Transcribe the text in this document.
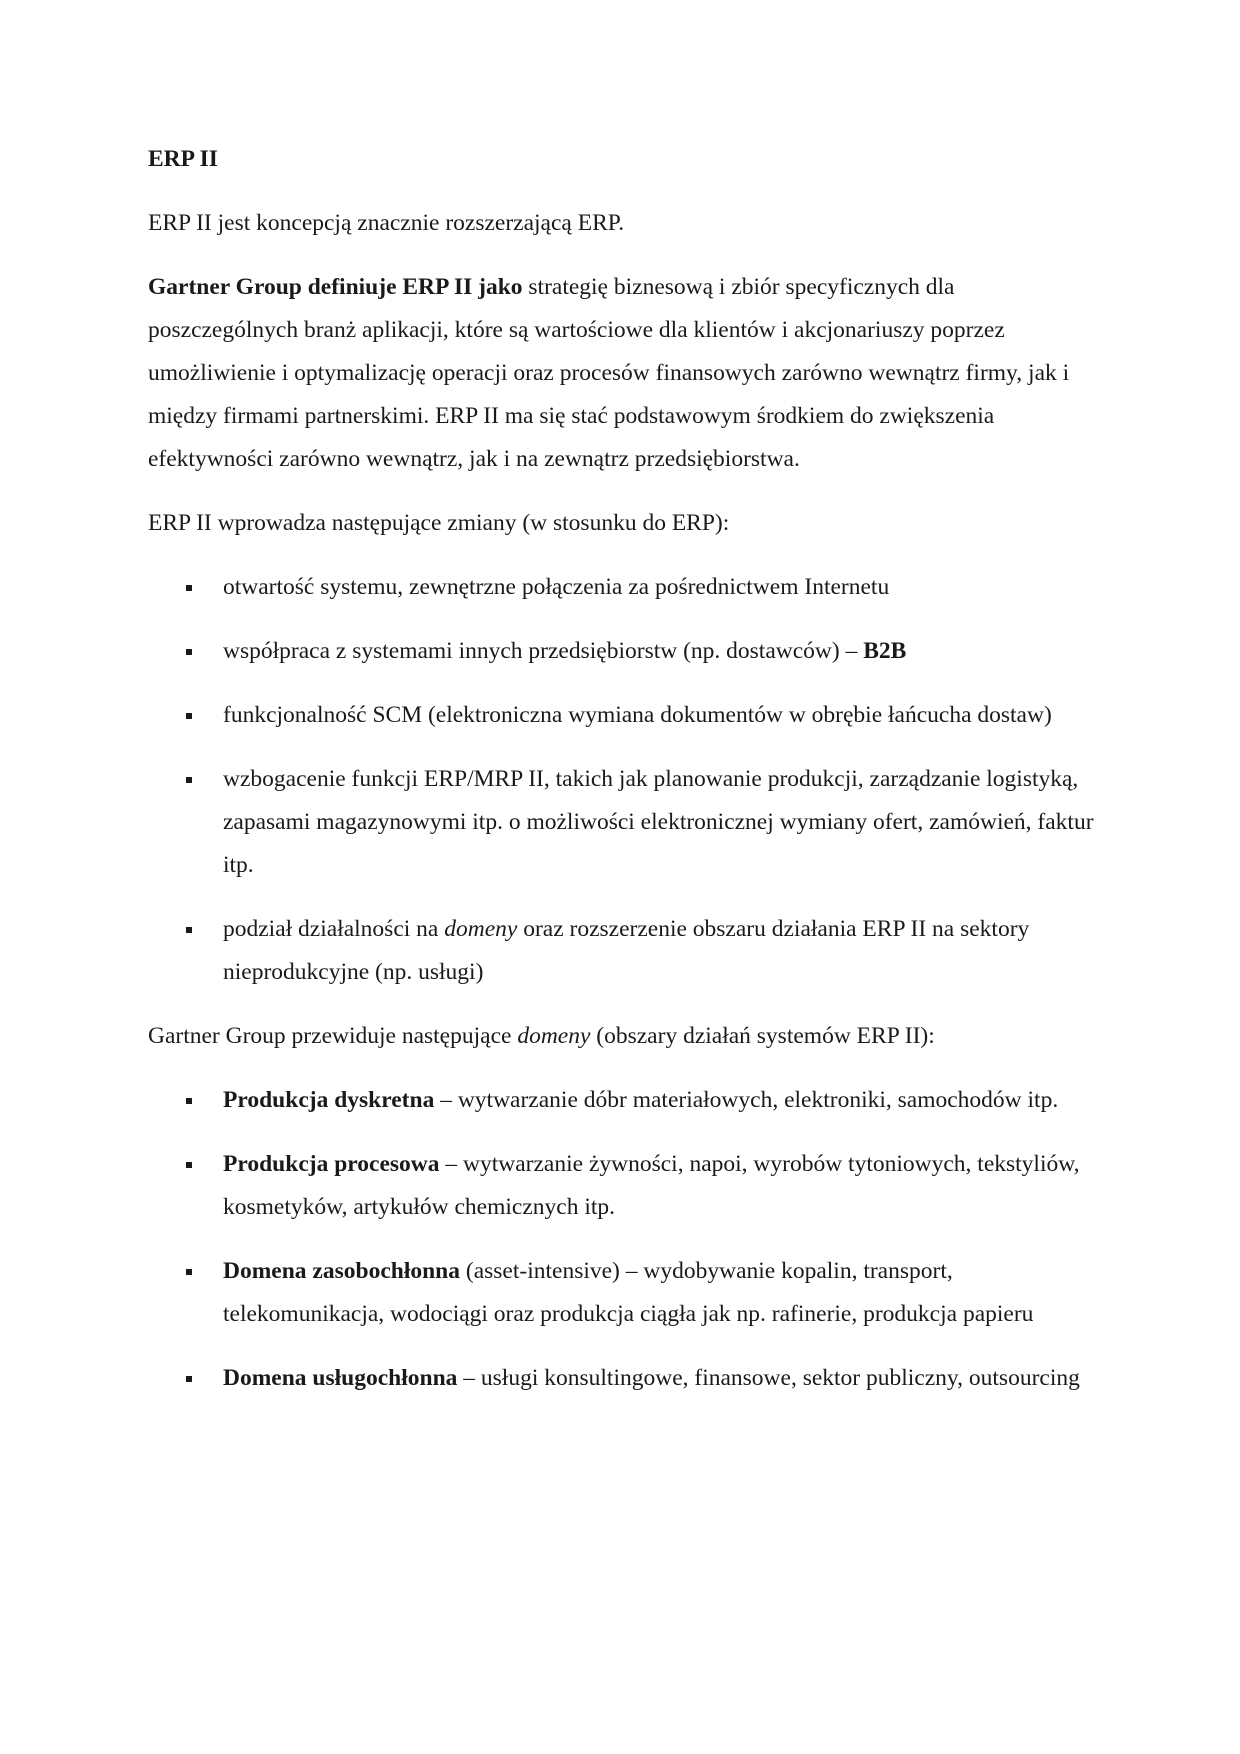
ERP II

ERP II jest koncepcją znacznie rozszerzającą ERP.

Gartner Group definiuje ERP II jako strategię biznesową i zbiór specyficznych dla poszczególnych branż aplikacji, które są wartościowe dla klientów i akcjonariuszy poprzez umożliwienie i optymalizację operacji oraz procesów finansowych zarówno wewnątrz firmy, jak i między firmami partnerskimi. ERP II ma się stać podstawowym środkiem do zwiększenia efektywności zarówno wewnątrz, jak i na zewnątrz przedsiębiorstwa.

ERP II wprowadza następujące zmiany (w stosunku do ERP):

otwartość systemu, zewnętrzne połączenia za pośrednictwem Internetu
współpraca z systemami innych przedsiębiorstw (np. dostawców) – B2B
funkcjonalność SCM (elektroniczna wymiana dokumentów w obrębie łańcucha dostaw)
wzbogacenie funkcji ERP/MRP II, takich jak planowanie produkcji, zarządzanie logistyką, zapasami magazynowymi itp. o możliwości elektronicznej wymiany ofert, zamówień, faktur itp.
podział działalności na domeny oraz rozszerzenie obszaru działania ERP II na sektory nieprodukcyjne (np. usługi)

Gartner Group przewiduje następujące domeny (obszary działań systemów ERP II):

Produkcja dyskretna – wytwarzanie dóbr materiałowych, elektroniki, samochodów itp.
Produkcja procesowa – wytwarzanie żywności, napoi, wyrobów tytoniowych, tekstyliów, kosmetyków, artykułów chemicznych itp.
Domena zasobochłonna (asset-intensive) – wydobywanie kopalin, transport, telekomunikacja, wodociągi oraz produkcja ciągła jak np. rafinerie, produkcja papieru
Domena usługochłonna – usługi konsultingowe, finansowe, sektor publiczny, outsourcing
